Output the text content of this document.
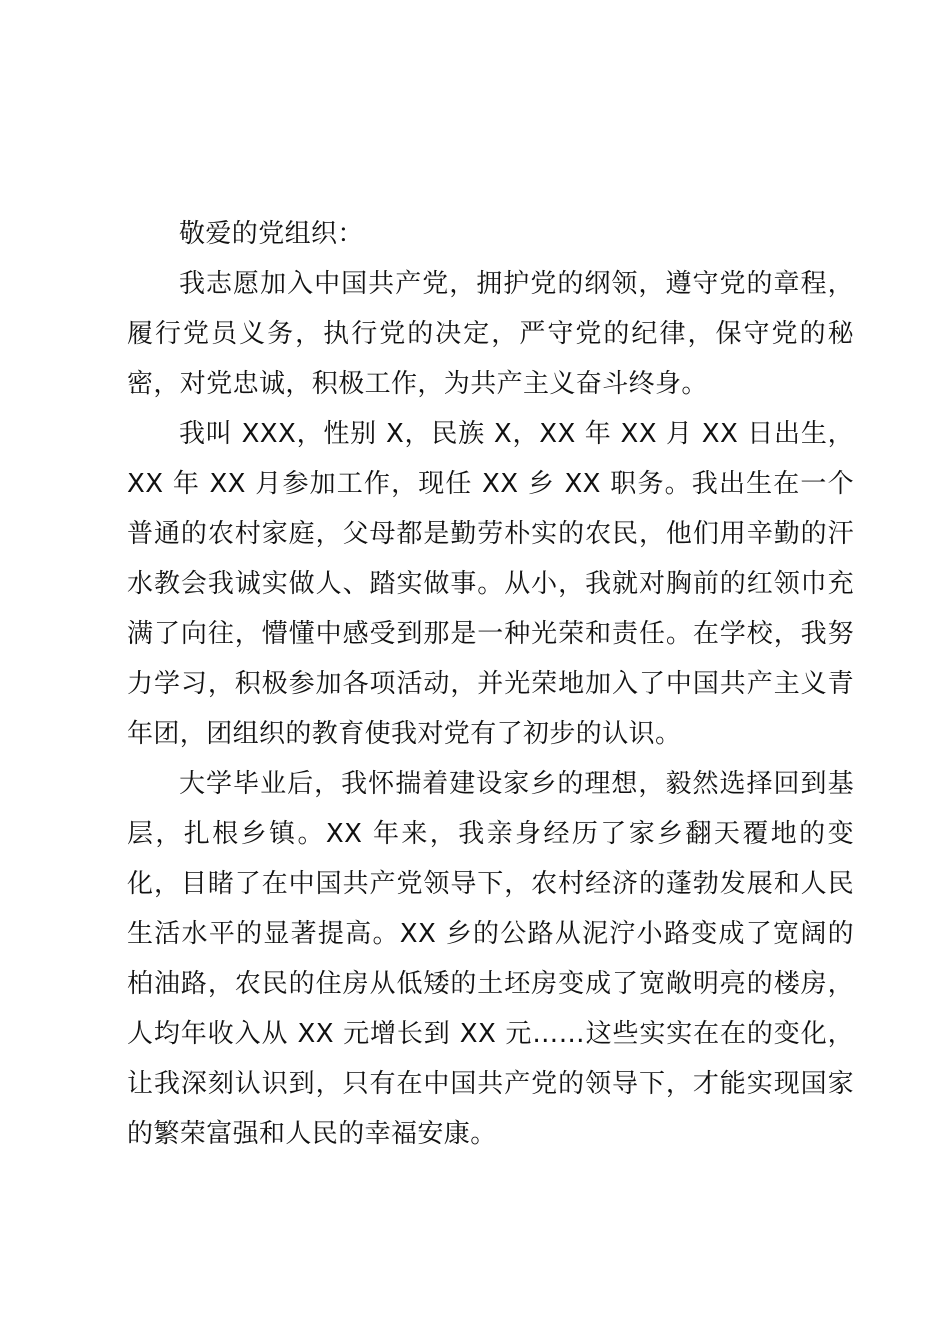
敬爱的党组织：

我志愿加入中国共产党，拥护党的纲领，遵守党的章程，履行党员义务，执行党的决定，严守党的纪律，保守党的秘密，对党忠诚，积极工作，为共产主义奋斗终身。

我叫 XXX，性别 X，民族 X，XX 年 XX 月 XX 日出生，XX 年 XX 月参加工作，现任 XX 乡 XX 职务。我出生在一个普通的农村家庭，父母都是勤劳朴实的农民，他们用辛勤的汗水教会我诚实做人、踏实做事。从小，我就对胸前的红领巾充满了向往，懵懂中感受到那是一种光荣和责任。在学校，我努力学习，积极参加各项活动，并光荣地加入了中国共产主义青年团，团组织的教育使我对党有了初步的认识。

大学毕业后，我怀揣着建设家乡的理想，毅然选择回到基层，扎根乡镇。XX 年来，我亲身经历了家乡翻天覆地的变化，目睹了在中国共产党领导下，农村经济的蓬勃发展和人民生活水平的显著提高。XX 乡的公路从泥泞小路变成了宽阔的柏油路，农民的住房从低矮的土坯房变成了宽敞明亮的楼房，人均年收入从 XX 元增长到 XX 元……这些实实在在的变化，让我深刻认识到，只有在中国共产党的领导下，才能实现国家的繁荣富强和人民的幸福安康。
